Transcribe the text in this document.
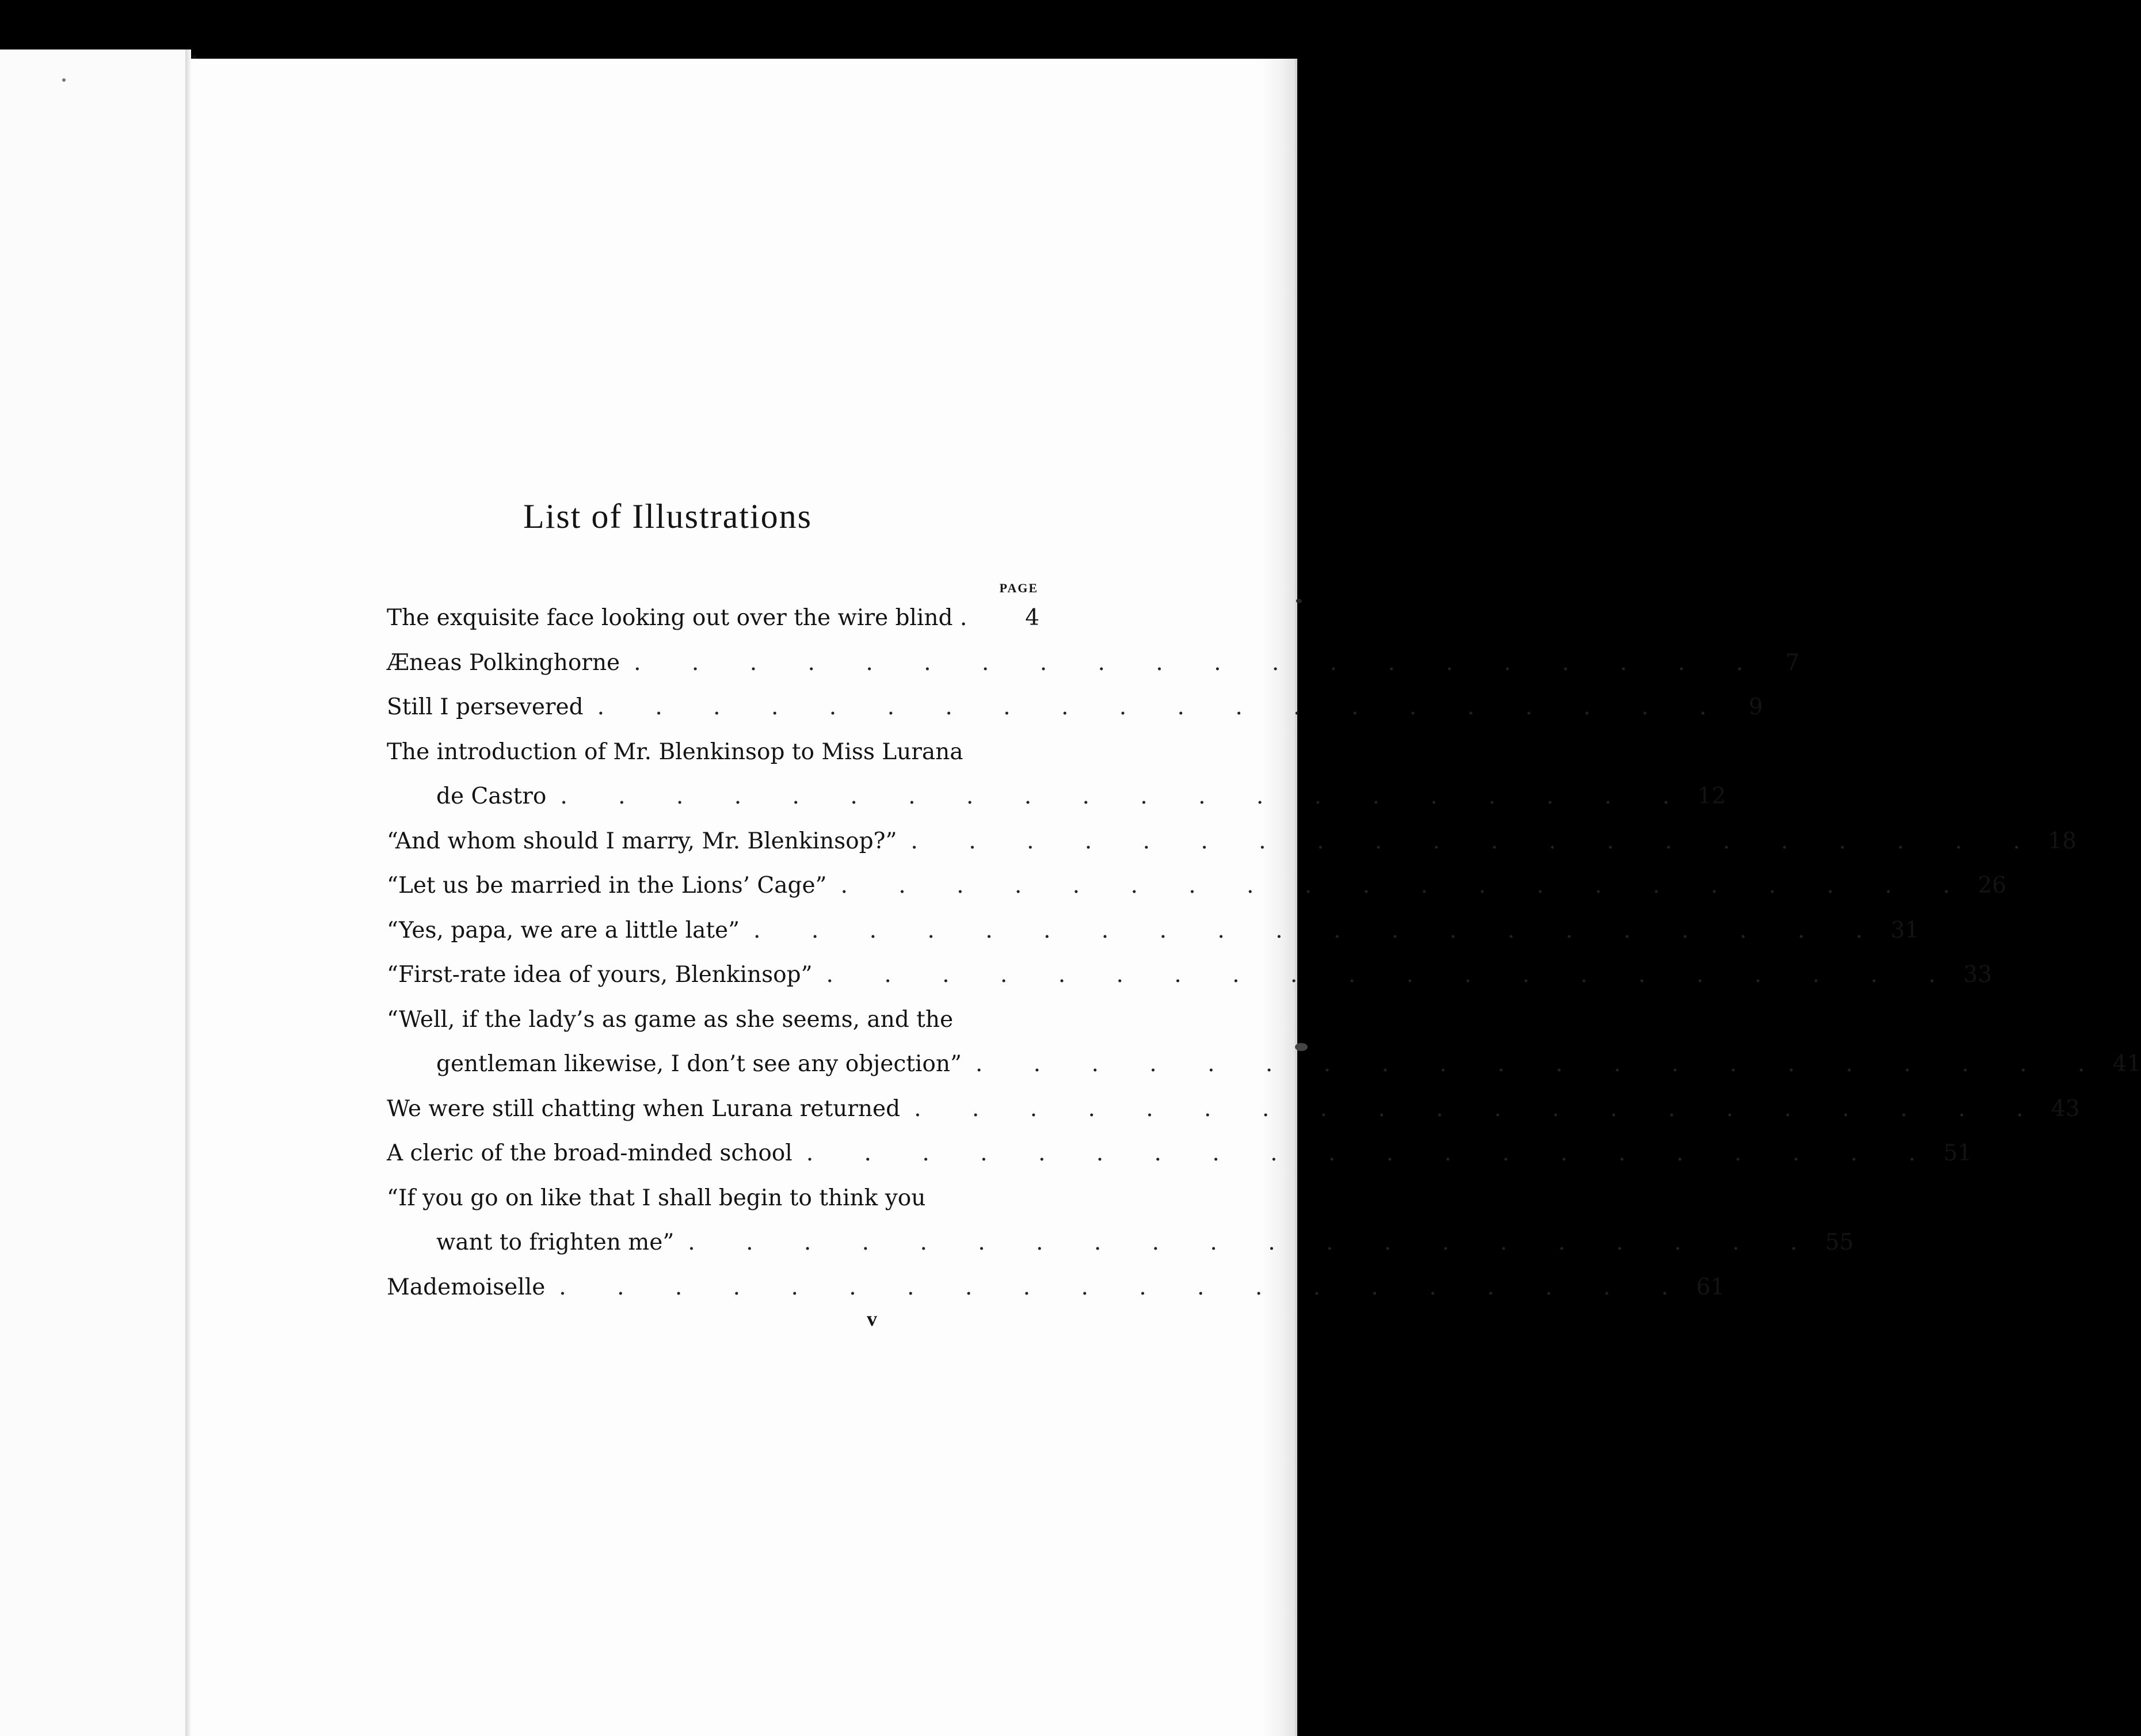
List of Illustrations
PAGE
The exquisite face looking out over the wire blind .	4
Æneas Polkinghorne . . . . . . . . . . . . . . . . . . . . 7
Still I persevered . . . . . . . . . . . . . . . . . . . . 9
The introduction of Mr. Blenkinsop to Miss Lurana
de Castro . . . . . . . . . . . . . . . . . . . . 12
“And whom should I marry, Mr. Blenkinsop?” . . . . . . . . . . . . . . . . . . . . 18
“Let us be married in the Lions’ Cage” . . . . . . . . . . . . . . . . . . . . 26
“Yes, papa, we are a little late” . . . . . . . . . . . . . . . . . . . . 31
“First-rate idea of yours, Blenkinsop” . . . . . . . . . . . . . . . . . . . . 33
“Well, if the lady’s as game as she seems, and the
gentleman likewise, I don’t see any objection” . . . . . . . . . . . . . . . . . . . . 41
We were still chatting when Lurana returned . . . . . . . . . . . . . . . . . . . . 43
A cleric of the broad-minded school . . . . . . . . . . . . . . . . . . . . 51
“If you go on like that I shall begin to think you
want to frighten me” . . . . . . . . . . . . . . . . . . . . 55
Mademoiselle . . . . . . . . . . . . . . . . . . . . 61
v
